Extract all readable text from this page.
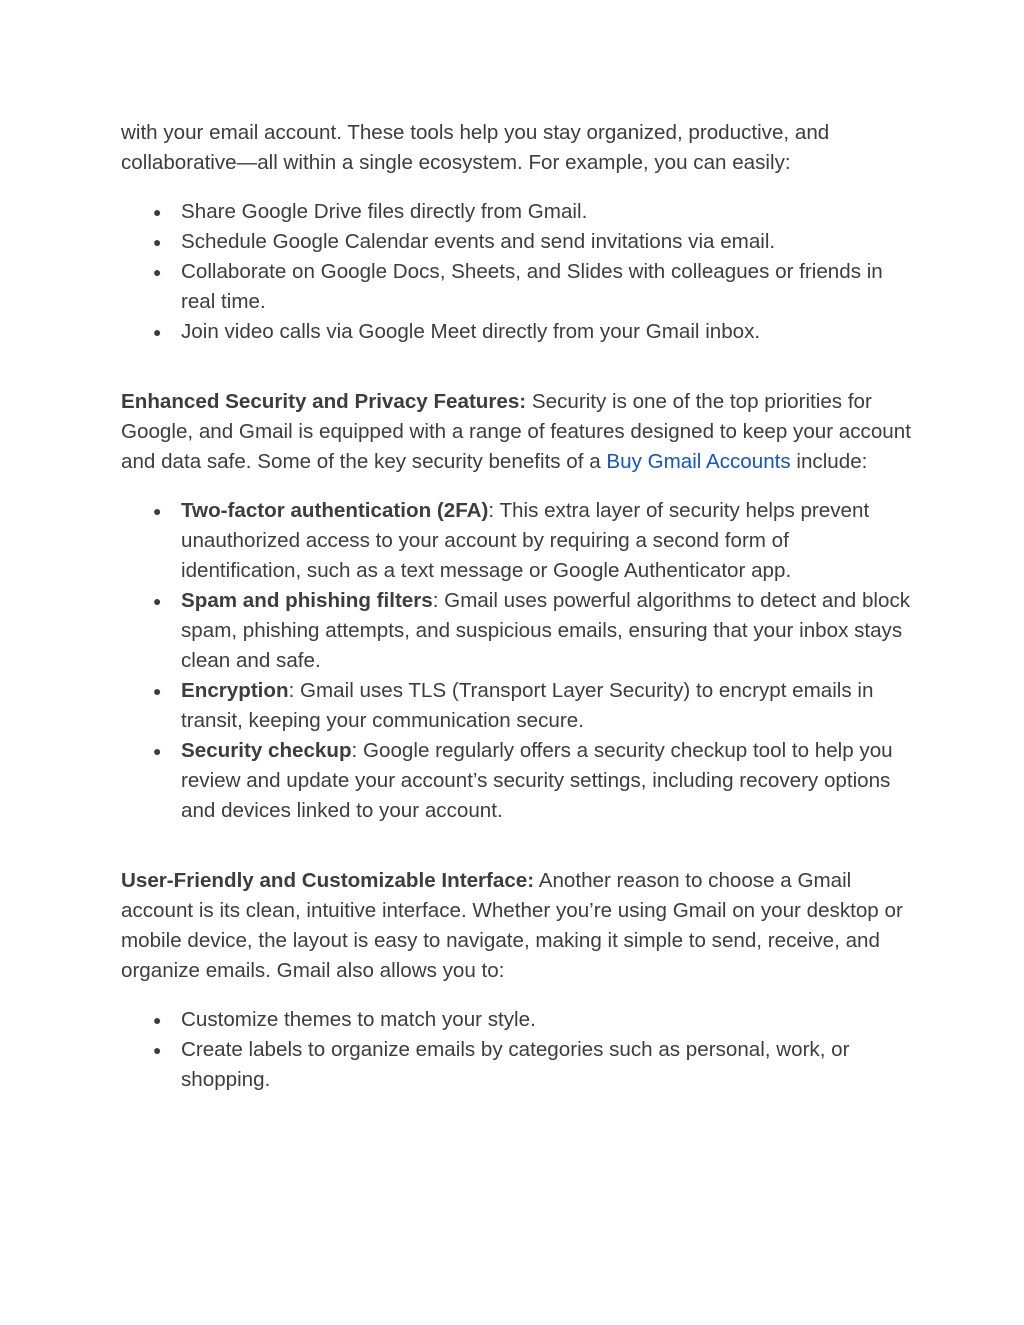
with your email account. These tools help you stay organized, productive, and collaborative—all within a single ecosystem. For example, you can easily:

● Share Google Drive files directly from Gmail.
● Schedule Google Calendar events and send invitations via email.
● Collaborate on Google Docs, Sheets, and Slides with colleagues or friends in real time.
● Join video calls via Google Meet directly from your Gmail inbox.

Enhanced Security and Privacy Features: Security is one of the top priorities for Google, and Gmail is equipped with a range of features designed to keep your account and data safe. Some of the key security benefits of a Buy Gmail Accounts include:

● Two-factor authentication (2FA): This extra layer of security helps prevent unauthorized access to your account by requiring a second form of identification, such as a text message or Google Authenticator app.
● Spam and phishing filters: Gmail uses powerful algorithms to detect and block spam, phishing attempts, and suspicious emails, ensuring that your inbox stays clean and safe.
● Encryption: Gmail uses TLS (Transport Layer Security) to encrypt emails in transit, keeping your communication secure.
● Security checkup: Google regularly offers a security checkup tool to help you review and update your account’s security settings, including recovery options and devices linked to your account.

User-Friendly and Customizable Interface: Another reason to choose a Gmail account is its clean, intuitive interface. Whether you’re using Gmail on your desktop or mobile device, the layout is easy to navigate, making it simple to send, receive, and organize emails. Gmail also allows you to:

● Customize themes to match your style.
● Create labels to organize emails by categories such as personal, work, or shopping.
